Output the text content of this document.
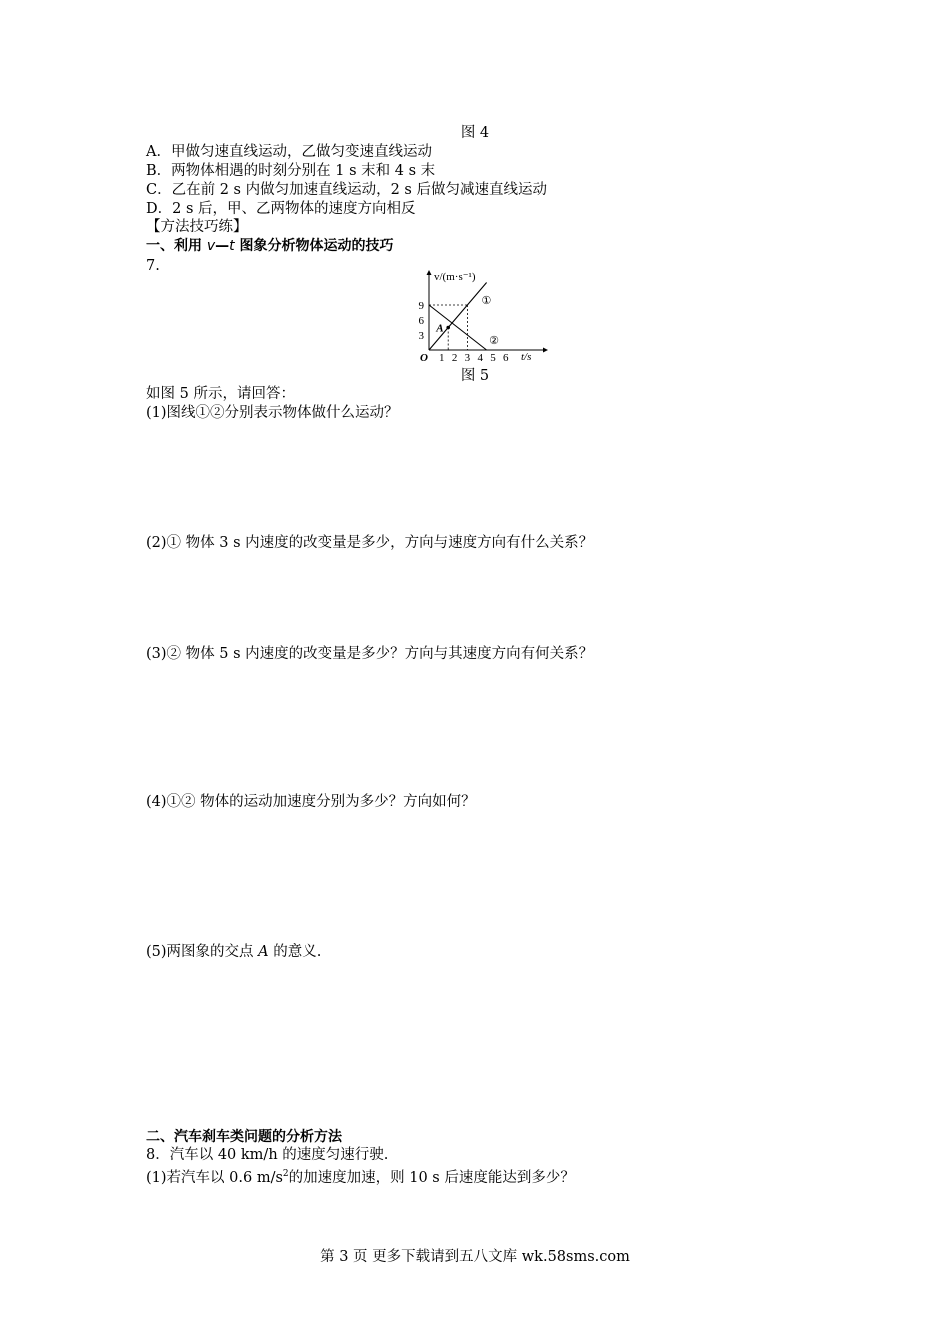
图 4
A．甲做匀速直线运动，乙做匀变速直线运动
B．两物体相遇的时刻分别在 1 s 末和 4 s 末
C．乙在前 2 s 内做匀加速直线运动，2 s 后做匀减速直线运动
D．2 s 后，甲、乙两物体的速度方向相反
【方法技巧练】
一、利用 v—t 图象分析物体运动的技巧
7.
v/(m·s⁻¹)
t/s
O 1 2 3 4 5 6
3
6
9	①
②
A
图 5
如图 5 所示，请回答：
(1)图线①②分别表示物体做什么运动？
(2)① 物体 3 s 内速度的改变量是多少，方向与速度方向有什么关系？
(3)② 物体 5 s 内速度的改变量是多少？方向与其速度方向有何关系？
(4)①② 物体的运动加速度分别为多少？方向如何？
(5)两图象的交点 A 的意义.
二、汽车刹车类问题的分析方法
8．汽车以 40 km/h 的速度匀速行驶.
(1)若汽车以 0.6 $m/s^2$的加速度加速，则 10 s 后速度能达到多少？
第 3 页 更多下载请到五八文库 wk.58sms.com
